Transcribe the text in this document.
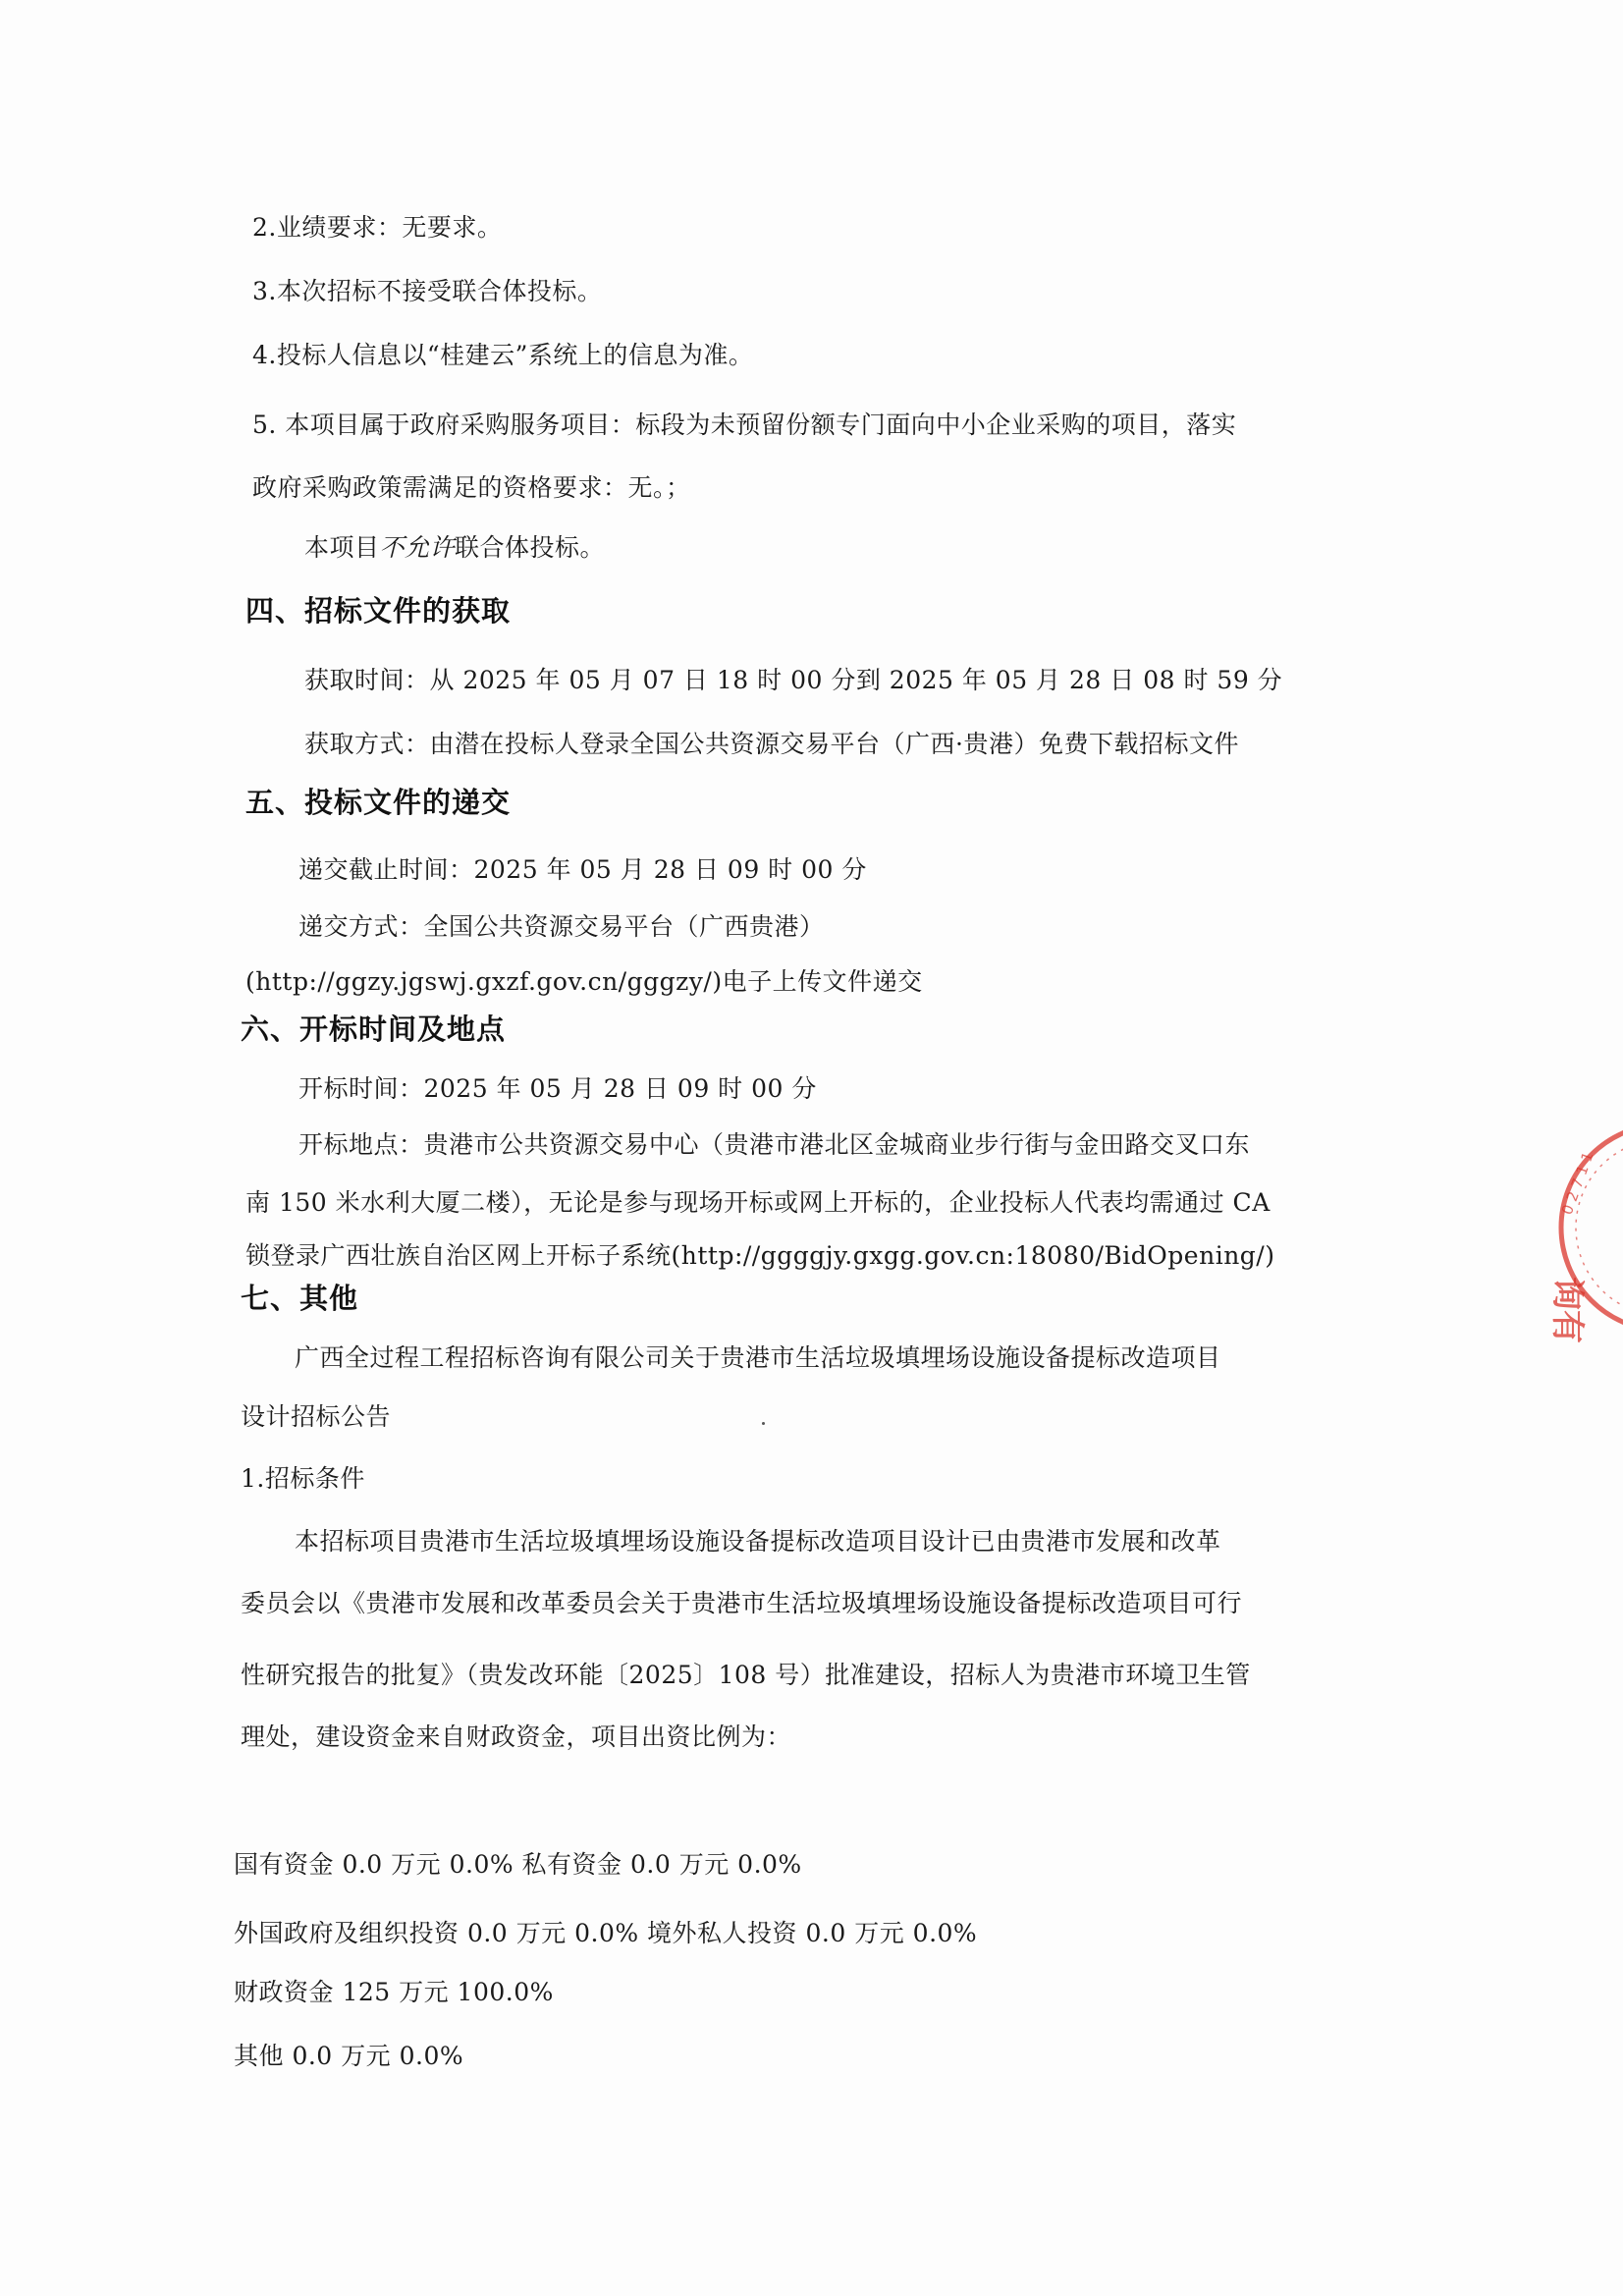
2.业绩要求：无要求。
3.本次招标不接受联合体投标。
4.投标人信息以“桂建云”系统上的信息为准。
5. 本项目属于政府采购服务项目：标段为未预留份额专门面向中小企业采购的项目，落实
政府采购政策需满足的资格要求：无。；
本项目不允许联合体投标。
四、招标文件的获取
获取时间：从 2025 年 05 月 07 日 18 时 00 分到 2025 年 05 月 28 日 08 时 59 分
获取方式：由潜在投标人登录全国公共资源交易平台（广西·贵港）免费下载招标文件
五、投标文件的递交
递交截止时间：2025 年 05 月 28 日 09 时 00 分
递交方式：全国公共资源交易平台（广西贵港）
(http://ggzy.jgswj.gxzf.gov.cn/gggzy/)电子上传文件递交
六、开标时间及地点
开标时间：2025 年 05 月 28 日 09 时 00 分
开标地点：贵港市公共资源交易中心（贵港市港北区金城商业步行街与金田路交叉口东
南 150 米水利大厦二楼），无论是参与现场开标或网上开标的，企业投标人代表均需通过 CA
锁登录广西壮族自治区网上开标子系统(http://ggggjy.gxgg.gov.cn:18080/BidOpening/)
七、其他
广西全过程工程招标咨询有限公司关于贵港市生活垃圾填埋场设施设备提标改造项目
设计招标公告
1.招标条件
本招标项目贵港市生活垃圾填埋场设施设备提标改造项目设计已由贵港市发展和改革
委员会以《贵港市发展和改革委员会关于贵港市生活垃圾填埋场设施设备提标改造项目可行
性研究报告的批复》（贵发改环能〔2025〕108 号）批准建设，招标人为贵港市环境卫生管
理处，建设资金来自财政资金，项目出资比例为：
国有资金 0.0 万元 0.0% 私有资金 0.0 万元 0.0%
外国政府及组织投资 0.0 万元 0.0% 境外私人投资 0.0 万元 0.0%
财政资金 125 万元 100.0%
其他 0.0 万元 0.0%
0 2 7 1 1
询有
